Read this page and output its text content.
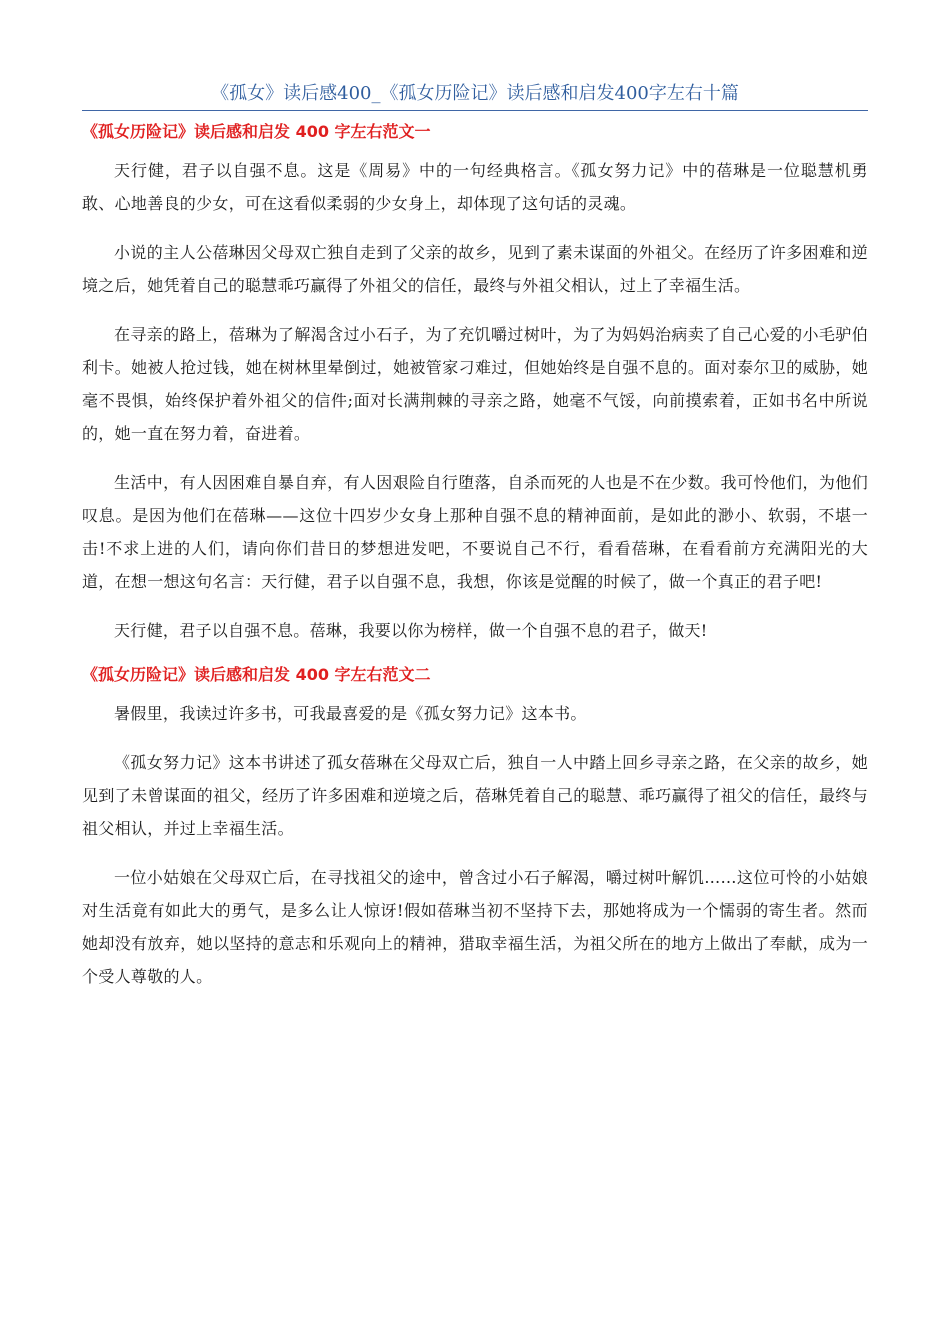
《孤女》读后感400_《孤女历险记》读后感和启发400字左右十篇
《孤女历险记》读后感和启发 400 字左右范文一

天行健，君子以自强不息。这是《周易》中的一句经典格言。《孤女努力记》中的蓓琳是一位聪慧机勇敢、心地善良的少女，可在这看似柔弱的少女身上，却体现了这句话的灵魂。

小说的主人公蓓琳因父母双亡独自走到了父亲的故乡，见到了素未谋面的外祖父。在经历了许多困难和逆境之后，她凭着自己的聪慧乖巧赢得了外祖父的信任，最终与外祖父相认，过上了幸福生活。

在寻亲的路上，蓓琳为了解渴含过小石子，为了充饥嚼过树叶，为了为妈妈治病卖了自己心爱的小毛驴伯利卡。她被人抢过钱，她在树林里晕倒过，她被管家刁难过，但她始终是自强不息的。面对泰尔卫的威胁，她毫不畏惧，始终保护着外祖父的信件;面对长满荆棘的寻亲之路，她毫不气馁，向前摸索着，正如书名中所说的，她一直在努力着，奋进着。

生活中，有人因困难自暴自弃，有人因艰险自行堕落，自杀而死的人也是不在少数。我可怜他们，为他们叹息。是因为他们在蓓琳——这位十四岁少女身上那种自强不息的精神面前，是如此的渺小、软弱，不堪一击!不求上进的人们，请向你们昔日的梦想进发吧，不要说自己不行，看看蓓琳，在看看前方充满阳光的大道，在想一想这句名言：天行健，君子以自强不息，我想，你该是觉醒的时候了，做一个真正的君子吧!

天行健，君子以自强不息。蓓琳，我要以你为榜样，做一个自强不息的君子，做天!

《孤女历险记》读后感和启发 400 字左右范文二

暑假里，我读过许多书，可我最喜爱的是《孤女努力记》这本书。

《孤女努力记》这本书讲述了孤女蓓琳在父母双亡后，独自一人中踏上回乡寻亲之路，在父亲的故乡，她见到了未曾谋面的祖父，经历了许多困难和逆境之后，蓓琳凭着自己的聪慧、乖巧赢得了祖父的信任，最终与祖父相认，并过上幸福生活。

一位小姑娘在父母双亡后，在寻找祖父的途中，曾含过小石子解渴，嚼过树叶解饥……这位可怜的小姑娘对生活竟有如此大的勇气，是多么让人惊讶!假如蓓琳当初不坚持下去，那她将成为一个懦弱的寄生者。然而她却没有放弃，她以坚持的意志和乐观向上的精神，猎取幸福生活，为祖父所在的地方上做出了奉献，成为一个受人尊敬的人。
